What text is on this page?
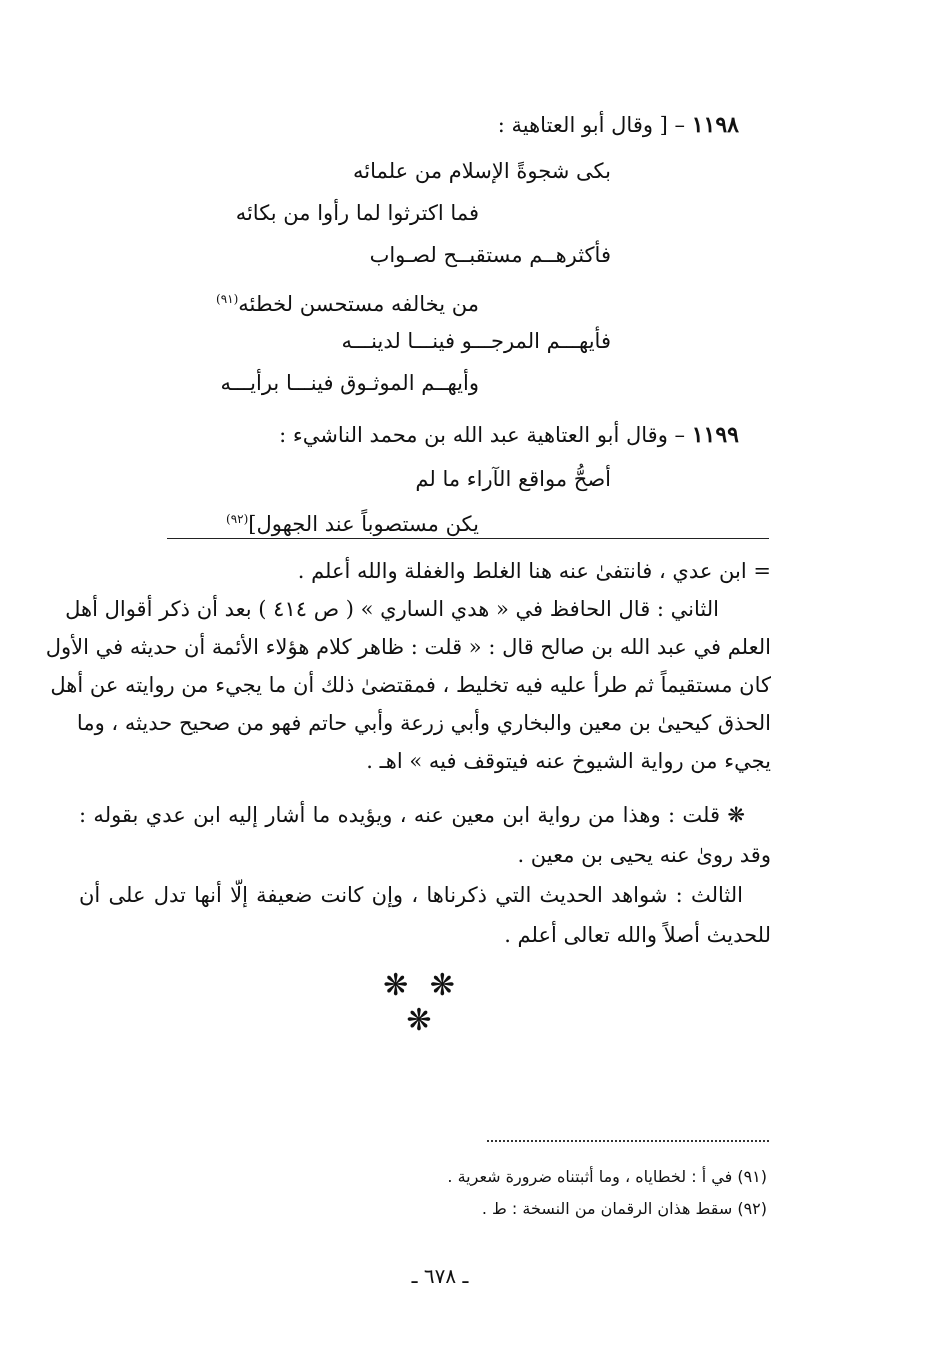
١١٩٨ – [ وقال أبو العتاهية :
بكى شجوةً الإسلام من علمائه
فما اكترثوا لما رأوا من بكائه
فأكثرهــم مستقبــح لصـواب
من يخالفه مستحسن لخطئه$^{(٩١)}$
فأيهـــم المرجـــو فينـــا لدينـــه
وأيهــم الموثـوق فينـــا برأيـــه
١١٩٩ – وقال أبو العتاهية عبد الله بن محمد الناشيء :
أصحُّ مواقع الآراء ما لم
يكن مستصوباً عند الجهول]$^{(٩٢)}$
= ابن عدي ، فانتفىٰ عنه هنا الغلط والغفلة والله أعلم .
الثاني : قال الحافظ في « هدي الساري » ( ص ٤١٤ ) بعد أن ذكر أقوال أهل
العلم في عبد الله بن صالح قال : « قلت : ظاهر كلام هؤلاء الأئمة أن حديثه في الأول
كان مستقيماً ثم طرأ عليه فيه تخليط ، فمقتضىٰ ذلك أن ما يجيء من روايته عن أهل
الحذق كيحيىٰ بن معين والبخاري وأبي زرعة وأبي حاتم فهو من صحيح حديثه ، وما
يجيء من رواية الشيوخ عنه فيتوقف فيه » اهـ .
❋ قلت : وهذا من رواية ابن معين عنه ، ويؤيده ما أشار إليه ابن عدي بقوله :
وقد روىٰ عنه يحيى بن معين .
الثالث : شواهد الحديث التي ذكرناها ، وإن كانت ضعيفة إلّا أنها تدل على أن
للحديث أصلاً والله تعالى أعلم .
❋ ❋ ❋
(٩١) في أ : لخطاياه ، وما أثبتناه ضرورة شعرية .
(٩٢) سقط هذان الرقمان من النسخة : ط .
ـ ٦٧٨ ـ
